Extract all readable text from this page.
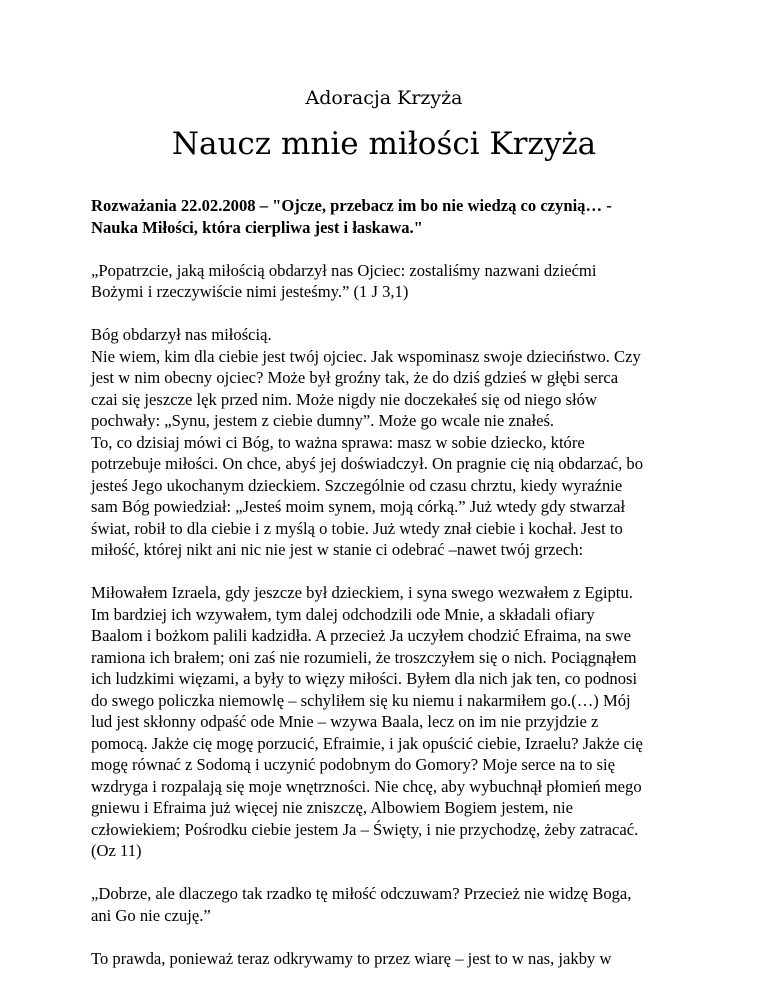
Adoracja Krzyża
Naucz mnie miłości Krzyża

Rozważania 22.02.2008 – "Ojcze, przebacz im bo nie wiedzą co czynią… -
Nauka Miłości, która cierpliwa jest i łaskawa."

„Popatrzcie, jaką miłością obdarzył nas Ojciec: zostaliśmy nazwani dziećmi
Bożymi i rzeczywiście nimi jesteśmy.” (1 J 3,1)

Bóg obdarzył nas miłością.
Nie wiem, kim dla ciebie jest twój ojciec. Jak wspominasz swoje dzieciństwo. Czy
jest w nim obecny ojciec? Może był groźny tak, że do dziś gdzieś w głębi serca
czai się jeszcze lęk przed nim. Może nigdy nie doczekałeś się od niego słów
pochwały: „Synu, jestem z ciebie dumny”. Może go wcale nie znałeś.
To, co dzisiaj mówi ci Bóg, to ważna sprawa: masz w sobie dziecko, które
potrzebuje miłości. On chce, abyś jej doświadczył. On pragnie cię nią obdarzać, bo
jesteś Jego ukochanym dzieckiem. Szczególnie od czasu chrztu, kiedy wyraźnie
sam Bóg powiedział: „Jesteś moim synem, moją córką.” Już wtedy gdy stwarzał
świat, robił to dla ciebie i z myślą o tobie. Już wtedy znał ciebie i kochał. Jest to
miłość, której nikt ani nic nie jest w stanie ci odebrać –nawet twój grzech:

Miłowałem Izraela, gdy jeszcze był dzieckiem, i syna swego wezwałem z Egiptu.
Im bardziej ich wzywałem, tym dalej odchodzili ode Mnie, a składali ofiary
Baalom i bożkom palili kadzidła. A przecież Ja uczyłem chodzić Efraima, na swe
ramiona ich brałem; oni zaś nie rozumieli, że troszczyłem się o nich. Pociągnąłem
ich ludzkimi więzami, a były to więzy miłości. Byłem dla nich jak ten, co podnosi
do swego policzka niemowlę – schyliłem się ku niemu i nakarmiłem go.(…) Mój
lud jest skłonny odpaść ode Mnie – wzywa Baala, lecz on im nie przyjdzie z
pomocą. Jakże cię mogę porzucić, Efraimie, i jak opuścić ciebie, Izraelu? Jakże cię
mogę równać z Sodomą i uczynić podobnym do Gomory? Moje serce na to się
wzdryga i rozpalają się moje wnętrzności. Nie chcę, aby wybuchnął płomień mego
gniewu i Efraima już więcej nie zniszczę, Albowiem Bogiem jestem, nie
człowiekiem; Pośrodku ciebie jestem Ja – Święty, i nie przychodzę, żeby zatracać.
(Oz 11)

„Dobrze, ale dlaczego tak rzadko tę miłość odczuwam? Przecież nie widzę Boga,
ani Go nie czuję.”

To prawda, ponieważ teraz odkrywamy to przez wiarę – jest to w nas, jakby w
